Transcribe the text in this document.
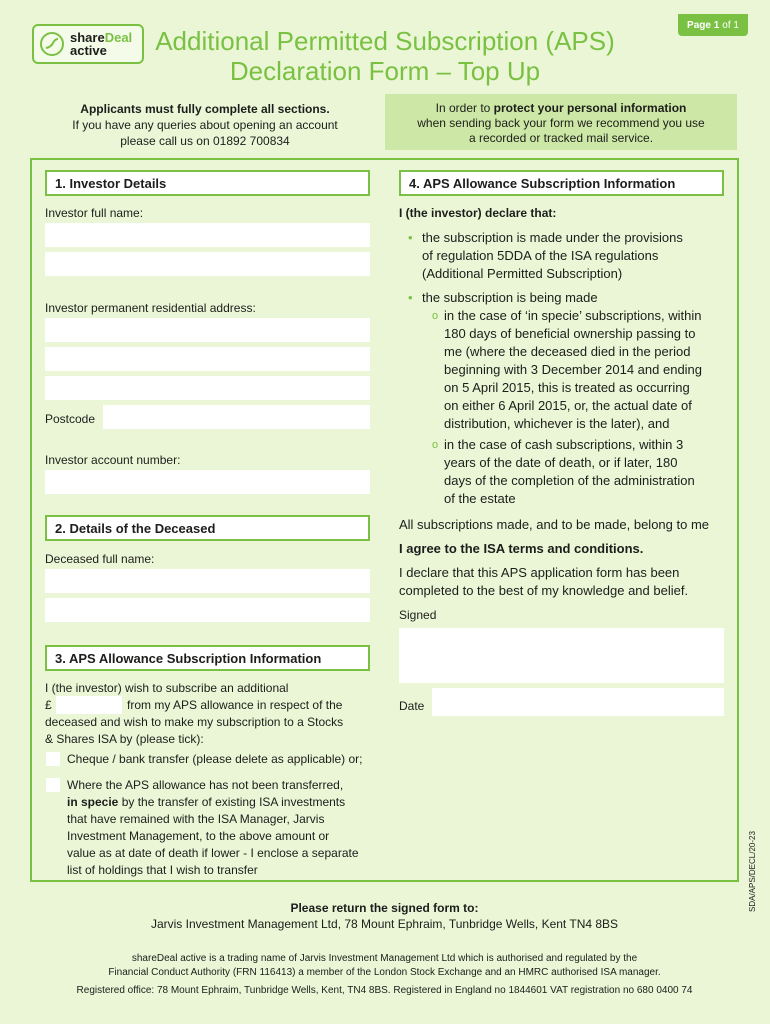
shareDeal
active
Page 1 of 1
Additional Permitted Subscription (APS)
Declaration Form – Top Up
Applicants must fully complete all sections.
If you have any queries about opening an account
please call us on 01892 700834
In order to protect your personal information
when sending back your form we recommend you use
a recorded or tracked mail service.
1. Investor Details
Investor full name:
Investor permanent residential address:
Postcode
Investor account number:
2. Details of the Deceased
Deceased full name:
3. APS Allowance Subscription Information
I (the investor) wish to subscribe an additional
£	from my APS allowance in respect of the
deceased and wish to make my subscription to a Stocks
& Shares ISA by (please tick):
Cheque / bank transfer (please delete as applicable) or;
Where the APS allowance has not been transferred,
in specie by the transfer of existing ISA investments
that have remained with the ISA Manager, Jarvis
Investment Management, to the above amount or
value as at date of death if lower - I enclose a separate
list of holdings that I wish to transfer
4. APS Allowance Subscription Information
I (the investor) declare that:
• the subscription is made under the provisions
of regulation 5DDA of the ISA regulations
(Additional Permitted Subscription)
• the subscription is being made
o in the case of ‘in specie’ subscriptions, within
180 days of beneficial ownership passing to
me (where the deceased died in the period
beginning with 3 December 2014 and ending
on 5 April 2015, this is treated as occurring
on either 6 April 2015, or, the actual date of
distribution, whichever is the later), and
o in the case of cash subscriptions, within 3
years of the date of death, or if later, 180
days of the completion of the administration
of the estate
All subscriptions made, and to be made, belong to me
I agree to the ISA terms and conditions.
I declare that this APS application form has been
completed to the best of my knowledge and belief.
Signed
Date
SDA/APS/DECL/20-23
Please return the signed form to:
Jarvis Investment Management Ltd, 78 Mount Ephraim, Tunbridge Wells, Kent TN4 8BS
shareDeal active is a trading name of Jarvis Investment Management Ltd which is authorised and regulated by the
Financial Conduct Authority (FRN 116413) a member of the London Stock Exchange and an HMRC authorised ISA manager.
Registered office: 78 Mount Ephraim, Tunbridge Wells, Kent, TN4 8BS. Registered in England no 1844601 VAT registration no 680 0400 74
